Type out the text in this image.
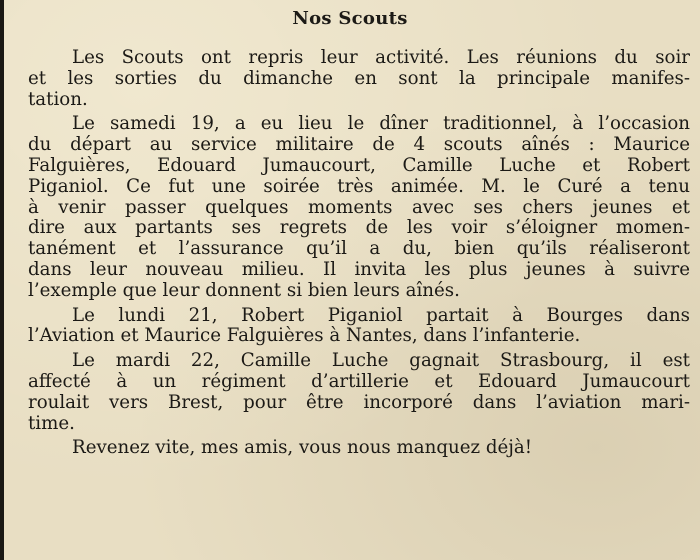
Nos Scouts

Les Scouts ont repris leur activité. Les réunions du soir
et les sorties du dimanche en sont la principale manifes-
tation.

Le samedi 19, a eu lieu le dîner traditionnel, à l’occasion
du départ au service militaire de 4 scouts aînés : Maurice
Falguières, Edouard Jumaucourt, Camille Luche et Robert
Piganiol. Ce fut une soirée très animée. M. le Curé a tenu
à venir passer quelques moments avec ses chers jeunes et
dire aux partants ses regrets de les voir s’éloigner momen-
tanément et l’assurance qu’il a du, bien qu’ils réaliseront
dans leur nouveau milieu. Il invita les plus jeunes à suivre
l’exemple que leur donnent si bien leurs aînés.

Le lundi 21, Robert Piganiol partait à Bourges dans
l’Aviation et Maurice Falguières à Nantes, dans l’infanterie.

Le mardi 22, Camille Luche gagnait Strasbourg, il est
affecté à un régiment d’artillerie et Edouard Jumaucourt
roulait vers Brest, pour être incorporé dans l’aviation mari-
time.

Revenez vite, mes amis, vous nous manquez déjà!
